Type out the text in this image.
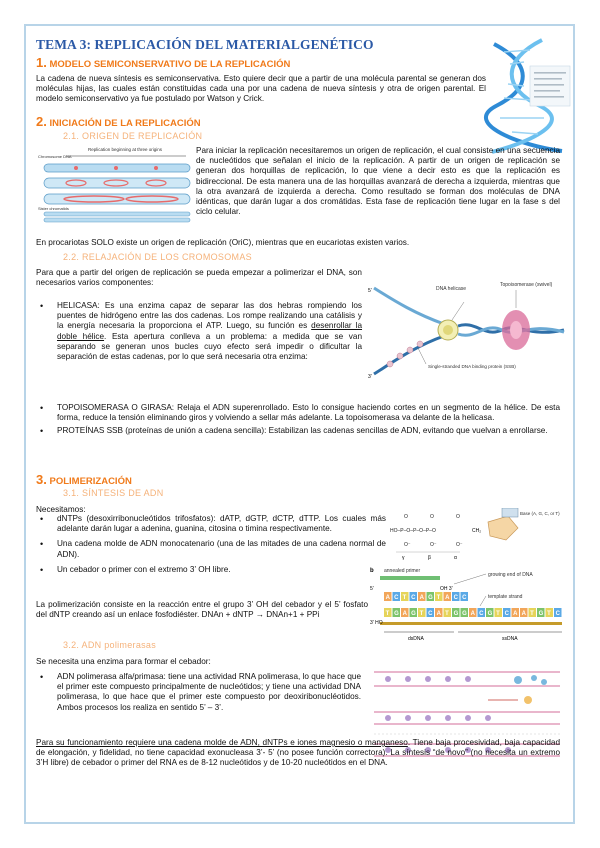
TEMA 3: REPLICACIÓN DEL MATERIALGENÉTICO
1. MODELO SEMICONSERVATIVO DE LA REPLICACIÓN

La cadena de nueva síntesis es semiconservativa. Esto quiere decir que a partir de una molécula parental se generan dos moléculas hijas, las cuales están constituidas cada una por una cadena de nueva síntesis y otra de origen parental. El modelo semiconservativo ya fue postulado por Watson y Crick.

2. INICIACIÓN DE LA REPLICACIÓN
2.1. ORIGEN DE REPLICACIÓN
Replication beginning at three origins
Chromosome DNA
Sister chromatids

Para iniciar la replicación necesitaremos un origen de replicación, el cual consiste en una secuencia de nucleótidos que señalan el inicio de la replicación. A partir de un origen de replicación se generan dos horquillas de replicación, lo que viene a decir esto es que la replicación es bidireccional. De esta manera una de las horquillas avanzará de derecha a izquierda, mientras que la otra avanzará de izquierda a derecha. Como resultado se forman dos moléculas de DNA idénticas, que darán lugar a dos cromátidas. Esta fase de replicación tiene lugar en la fase s del ciclo celular.

En procariotas SOLO existe un origen de replicación (OriC), mientras que en eucariotas existen varios.

2.2. RELAJACIÓN DE LOS CROMOSOMAS

Para que a partir del origen de replicación se pueda empezar a polimerizar el DNA, son necesarios varios componentes:

5’
3’
DNA helicase
Topoisomerase (swivel)
Single-stranded DNA binding protein (SSB)
• HELICASA: Es una enzima capaz de separar las dos hebras rompiendo los puentes de hidrógeno entre las dos cadenas. Los rompe realizando una catálisis y la energía necesaria la proporciona el ATP. Luego, su función es desenrollar la doble hélice. Esta apertura conlleva a un problema: a medida que se van separando se generan unos bucles cuyo efecto será impedir o dificultar la separación de estas cadenas, por lo que será necesaria otra enzima:
• TOPOISOMERASA O GIRASA: Relaja el ADN superenrollado. Esto lo consigue haciendo cortes en un segmento de la hélice. De esta forma, reduce la tensión eliminando giros y volviendo a sellar más adelante. La topoisomerasa va delante de la helicasa.
• PROTEÍNAS SSB (proteínas de unión a cadena sencilla): Estabilizan las cadenas sencillas de ADN, evitando que vuelvan a enrollarse.
3. POLIMERIZACIÓN
3.1. SÍNTESIS DE ADN

Necesitamos:

HO–P–O–P–O–P–O
O	O	O
O⁻	O⁻	O⁻
CH₂
Base (A, G, C, or T)
γ	β	α
• dNTPs (desoxirribonucleótidos trifosfatos): dATP, dGTP, dCTP, dTTP. Los cuales más adelante darán lugar a adenina, guanina, citosina o timina respectivamente.
• Una cadena molde de ADN monocatenario (una de las mitades de una cadena normal de ADN).
• Un cebador o primer con el extremo 3’ OH libre.	b annealed primer
growing end of DNA
5’	OH 3’
A C T C A G T A C C	template strand
T G A G T C A T G G A C G T C A A T G T C
3’ HO
dsDNA	ssDNA

La polimerización consiste en la reacción entre el grupo 3’ OH del cebador y el 5’ fosfato del dNTP creando así un enlace fosfodiéster. DNAn + dNTP → DNAn+1 + PPi

3.2. ADN polimerasas

Se necesita una enzima para formar el cebador:

• ADN polimerasa alfa/primasa: tiene una actividad RNA polimerasa, lo que hace que el primer este compuesto principalmente de nucleótidos; y tiene una actividad DNA polimerasa, lo que hace que el primer este compuesto por deoxiribonucléotidos. Ambos procesos los realiza en sentido 5’ – 3’.

Para su funcionamiento requiere una cadena molde de ADN, dNTPs e iones magnesio o manganeso. Tiene baja procesividad, baja capacidad de elongación, y fidelidad, no tiene capacidad exonucleasa 3’- 5’ (no posee función correctora). La síntesis “de novo” (no necesita un extremo 3’H libre) de cebador o primer del RNA es de 8-12 nucleótidos y de 10-20 nucleótidos en el DNA.
